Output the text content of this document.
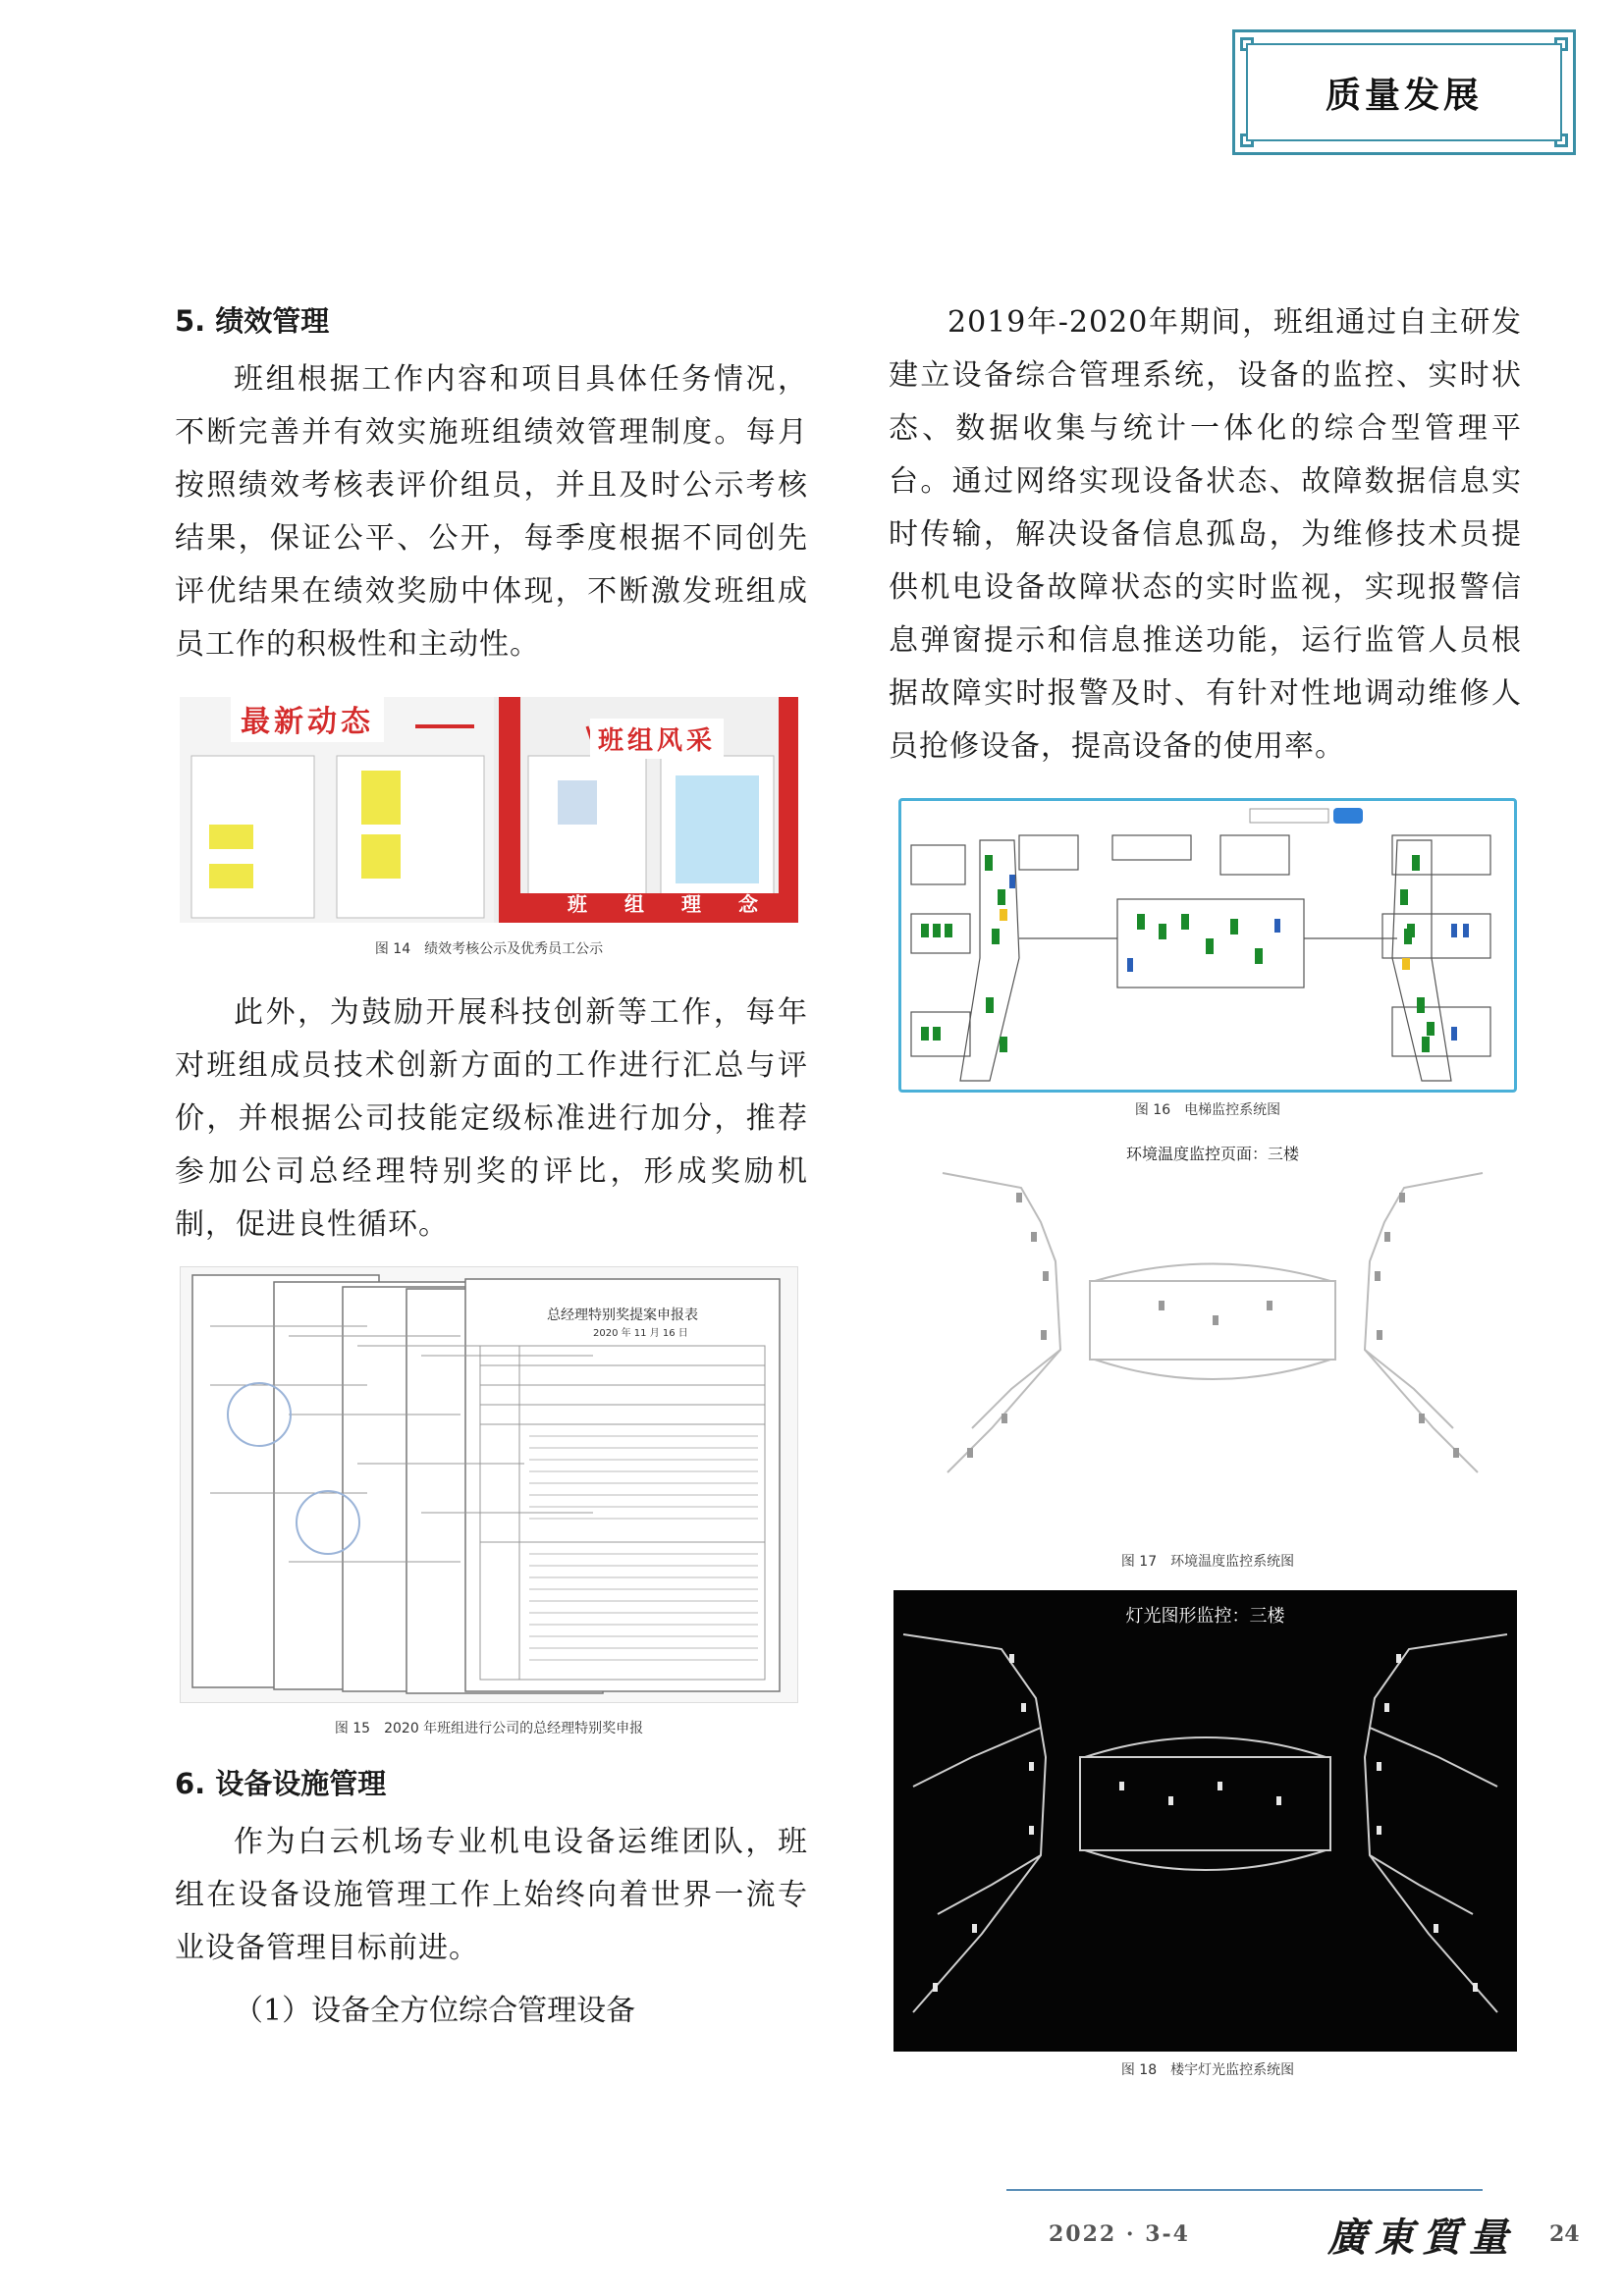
质量发展
5. 绩效管理
班组根据工作内容和项目具体任务情况，不断完善并有效实施班组绩效管理制度。每月按照绩效考核表评价组员，并且及时公示考核结果，保证公平、公开，每季度根据不同创先评优结果在绩效奖励中体现，不断激发班组成员工作的积极性和主动性。
最新动态
班组风采
班 组 理 念
图 14　绩效考核公示及优秀员工公示
此外，为鼓励开展科技创新等工作，每年对班组成员技术创新方面的工作进行汇总与评价，并根据公司技能定级标准进行加分，推荐参加公司总经理特别奖的评比，形成奖励机制，促进良性循环。
总经理特别奖提案申报表
2020 年 11 月 16 日
图 15　2020 年班组进行公司的总经理特别奖申报
6. 设备设施管理
作为白云机场专业机电设备运维团队，班组在设备设施管理工作上始终向着世界一流专业设备管理目标前进。
（1）设备全方位综合管理设备
2019年-2020年期间，班组通过自主研发建立设备综合管理系统，设备的监控、实时状态、数据收集与统计一体化的综合型管理平台。通过网络实现设备状态、故障数据信息实时传输，解决设备信息孤岛，为维修技术员提供机电设备故障状态的实时监视，实现报警信息弹窗提示和信息推送功能，运行监管人员根据故障实时报警及时、有针对性地调动维修人员抢修设备，提高设备的使用率。
图 16　电梯监控系统图
环境温度监控页面：三楼
图 17　环境温度监控系统图
灯光图形监控：三楼
图 18　楼宇灯光监控系统图
2022 · 3-4	廣東質量 24
